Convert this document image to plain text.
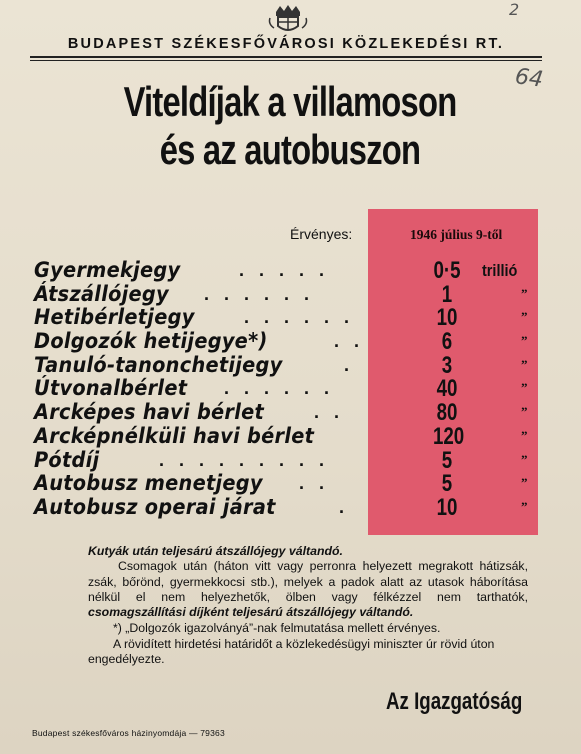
2
64
BUDAPEST SZÉKESFŐVÁROSI KÖZLEKEDÉSI RT.
Viteldíjak a villamoson
és az autobuszon
Érvényes:	1946 július 9-től
Gyermekjegy	. . . . .	0·5 trillió
Átszállójegy . . . . . .	1	”
Hetibérletjegy	. . . . . .	10	”
Dolgozók hetijegye*)	. .	6	”
Tanuló-tanonchetijegy	.	3	”
Útvonalbérlet . . . . . .	40	”
Arcképes havi bérlet	. .	80	”
Arcképnélküli havi bérlet	120	”
Pótdíj	. . . . . . . . .	5	”
Autobusz menetjegy . .	5	”
Autobusz operai járat	.	10	”

Kutyák után teljesárú átszállójegy váltandó.

Csomagok után (háton vitt vagy perronra helyezett megrakott hátizsák, zsák, bőrönd, gyermekkocsi stb.), melyek a padok alatt az utasok háborítása nélkül el nem helyezhetők, ölben vagy félkézzel nem tarthatók, csomagszállítási díjként teljesárú átszállójegy váltandó.

*) „Dolgozók igazolványá”-nak felmutatása mellett érvényes.

A rövidített hirdetési határidőt a közlekedésügyi miniszter úr rövid úton engedélyezte.

Az Igazgatóság
Budapest székesfőváros házinyomdája — 79363
